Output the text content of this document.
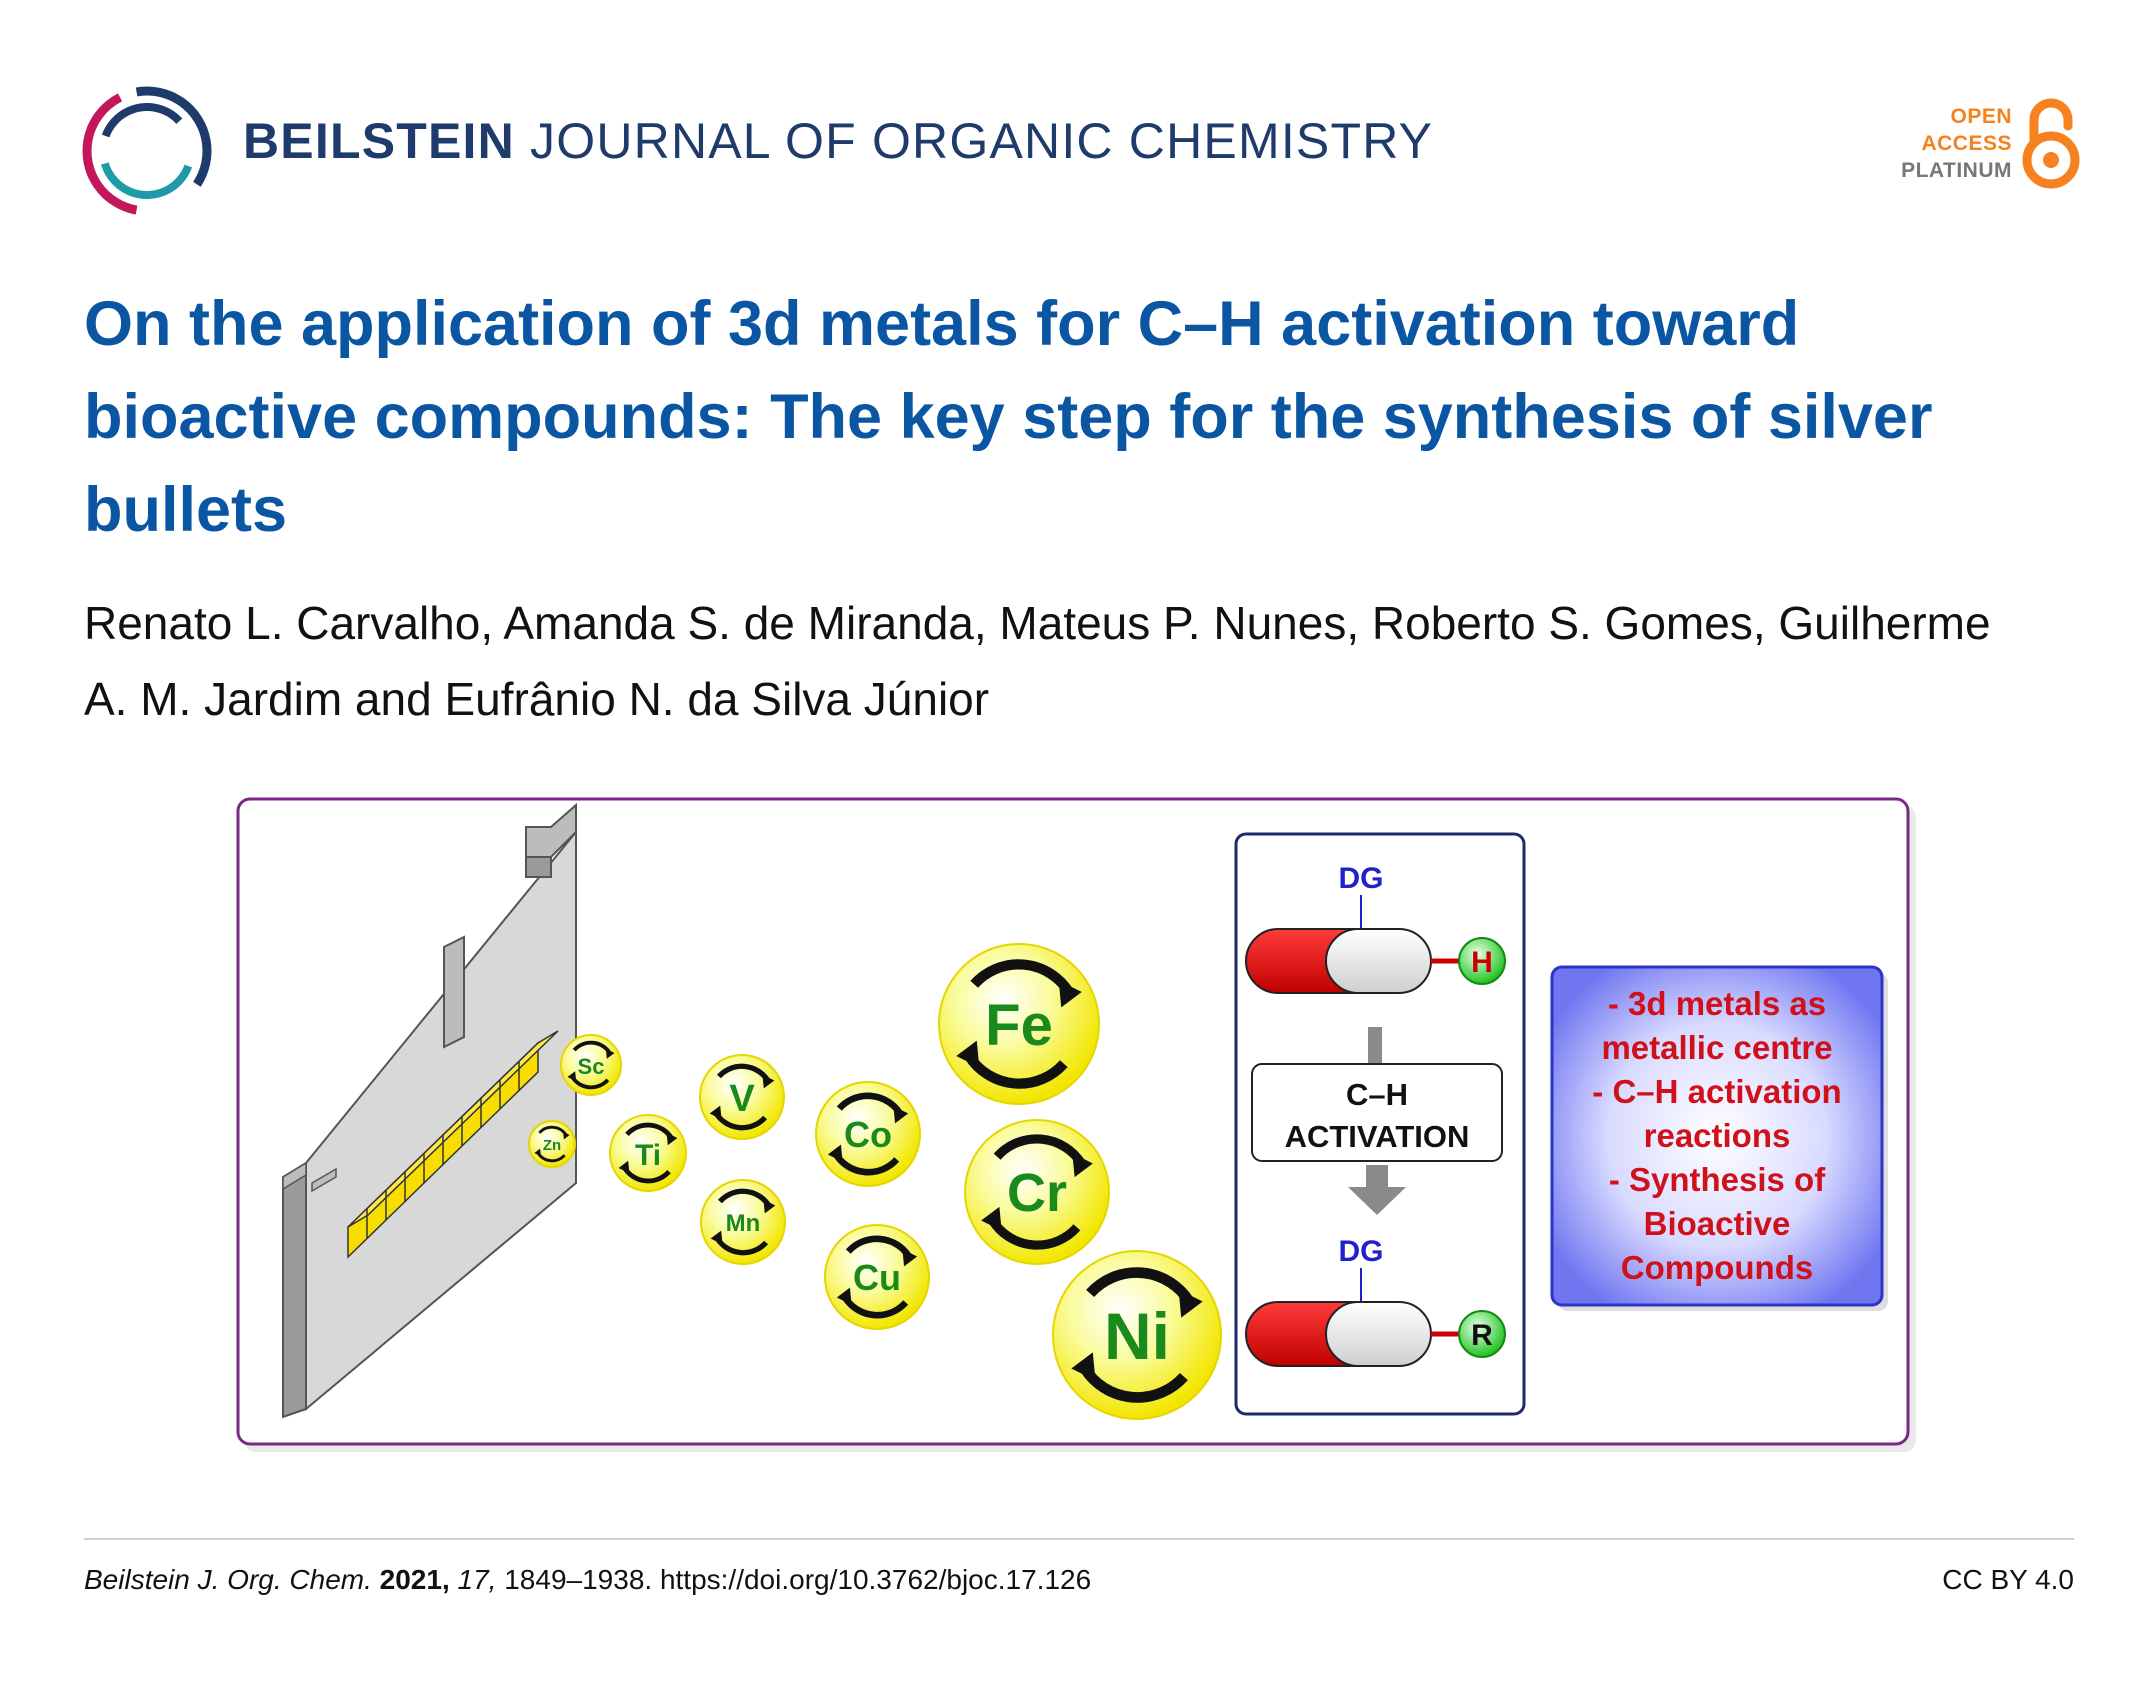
BEILSTEIN JOURNAL OF ORGANIC CHEMISTRY	OPEN
ACCESS
PLATINUM
On the application of 3d metals for C–H activation toward bioactive compounds: The key step for the synthesis of silver bullets

Renato L. Carvalho, Amanda S. de Miranda, Mateus P. Nunes, Roberto S. Gomes, Guilherme A. M. Jardim and Eufrânio N. da Silva Júnior

Sc
Zn Ti
V
Mn
Co
Cu
Fe
Cr
Ni
DG
H
C–H
ACTIVATION
DG
R
- 3d metals as
metallic centre
- C–H activation
reactions
- Synthesis of
Bioactive
Compounds
Beilstein J. Org. Chem. 2021, 17, 1849–1938. https://doi.org/10.3762/bjoc.17.126	CC BY 4.0
